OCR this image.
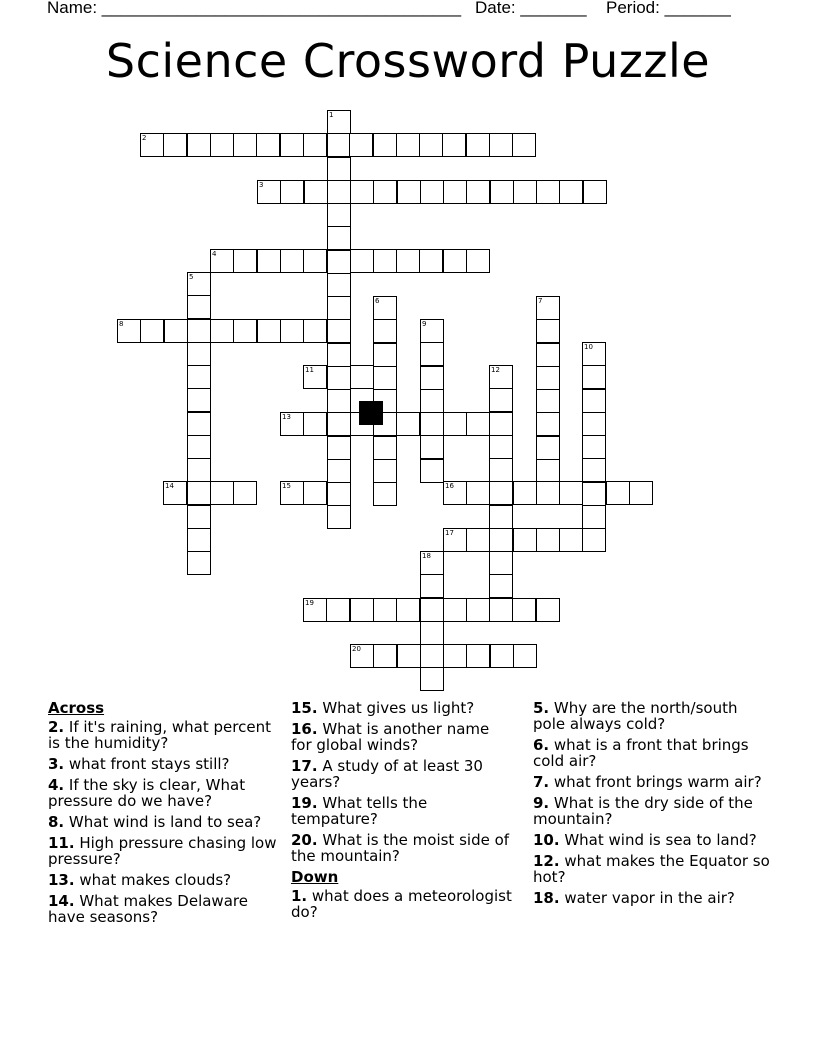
Name: ______________________________________ Date: _______ Period: _______
Science Crossword Puzzle
1
2
3
4
5
6	7
8	9
10
11	12
13
14	15	16
17
18
19
20
Across
2. If it's raining, what percent is the humidity?
3. what front stays still?
4. If the sky is clear, What pressure do we have?
8. What wind is land to sea?
11. High pressure chasing low pressure?
13. what makes clouds?
14. What makes Delaware have seasons?
15. What gives us light?
16. What is another name for global winds?
17. A study of at least 30 years?
19. What tells the tempature?
20. What is the moist side of the mountain?
Down
1. what does a meteorologist do?
5. Why are the north/south pole always cold?
6. what is a front that brings cold air?
7. what front brings warm air?
9. What is the dry side of the mountain?
10. What wind is sea to land?
12. what makes the Equator so hot?
18. water vapor in the air?
